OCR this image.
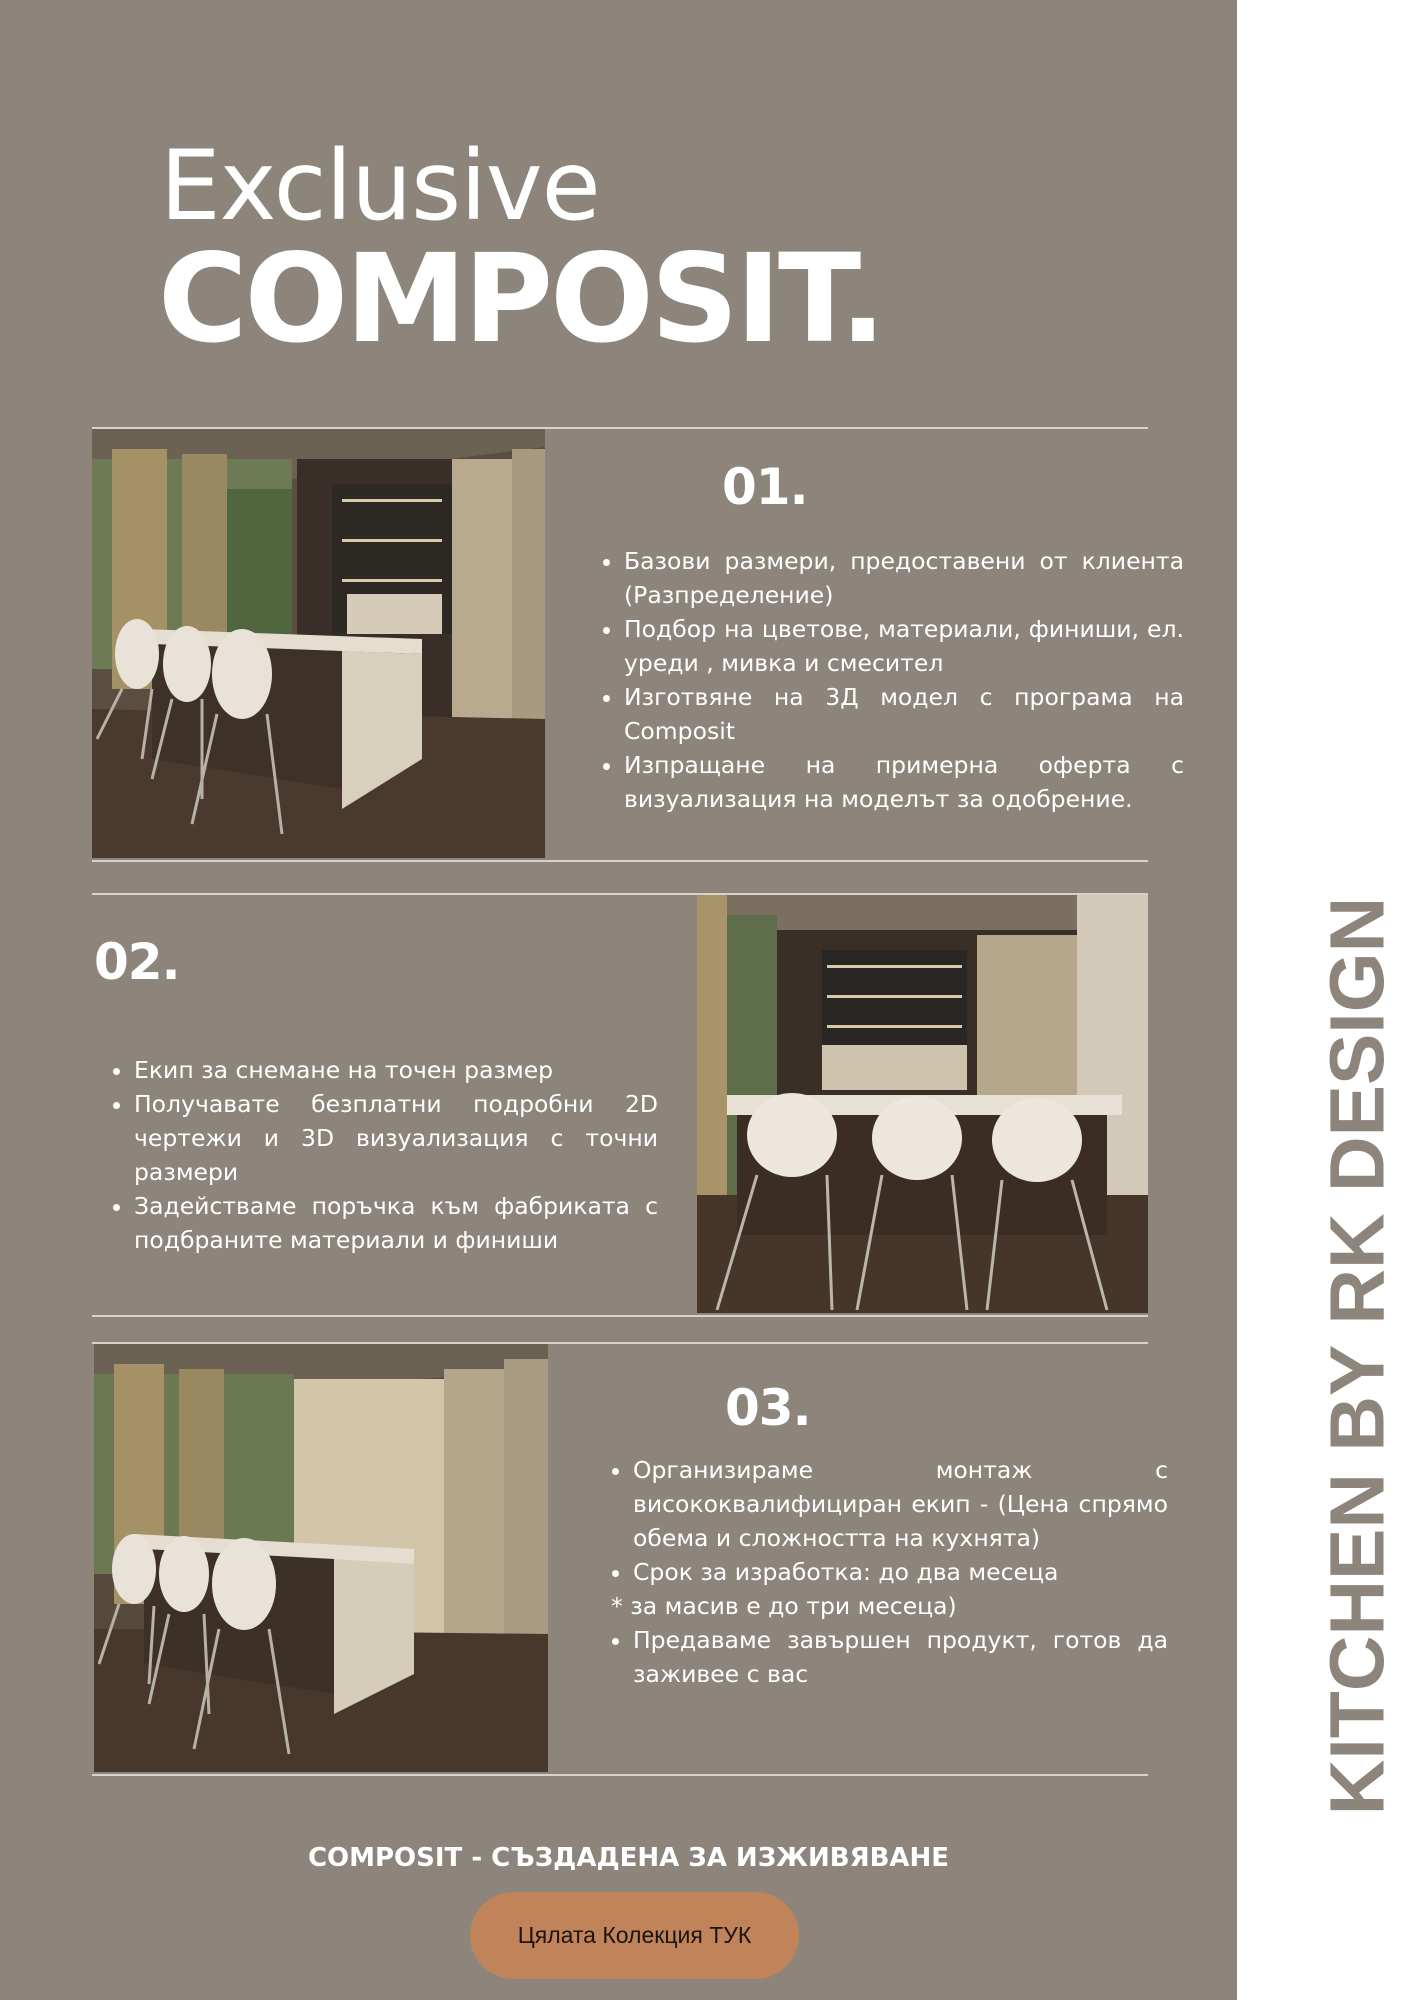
KITCHEN BY RK DESIGN
Exclusive
COMPOSIT.
01.
• Базови размери, предоставени от клиента (Разпределение)
• Подбор на цветове, материали, финиши, ел. уреди , мивка и смесител
• Изготвяне на 3Д модел с програма на Composit
• Изпращане на примерна оферта с визуализация на моделът за одобрение.
02.
• Екип за снемане на точен размер
• Получавате безплатни подробни 2D чертежи и 3D визуализация с точни размери
• Задействаме поръчка към фабриката с подбраните материали и финиши
03.
• Организираме монтаж с висококвалифициран екип - (Цена спрямо обема и сложността на кухнята)
• Срок за изработка: до два месеца
* за масив е до три месеца)
• Предаваме завършен продукт, готов да заживее с вас
COMPOSIT - СЪЗДАДЕНА ЗА ИЗЖИВЯВАНЕ
Цялата Колекция ТУК
